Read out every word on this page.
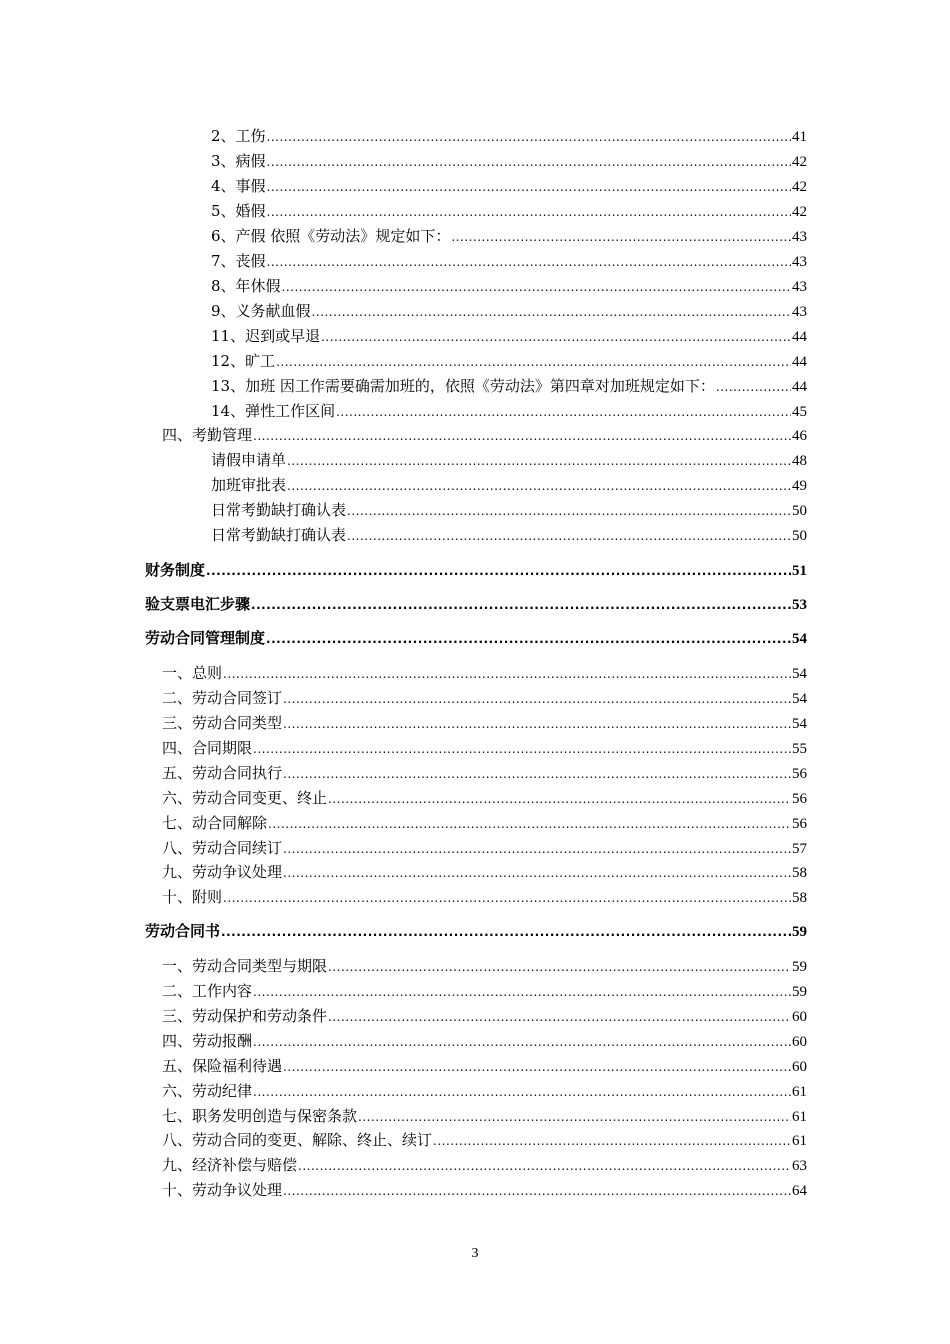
2、工伤 .....	41
3、病假 .....	42
4、事假 .....	42
5、婚假 .....	42
6、产假 依照《劳动法》规定如下： .....	43
7、丧假 .....	43
8、年休假 .....	43
9、义务献血假 .....	43
11、迟到或早退 .....	44
12、旷工 .....	44
13、加班 因工作需要确需加班的，依照《劳动法》第四章对加班规定如下： .....	44
14、弹性工作区间 .....	45
四、考勤管理 .....	46
请假申请单 .....	48
加班审批表 .....	49
日常考勤缺打确认表 .....	50
日常考勤缺打确认表 .....	50
财务制度 .....	51
验支票电汇步骤 .....	53
劳动合同管理制度 .....	54
一、总则 .....	54
二、劳动合同签订 .....	54
三、劳动合同类型 .....	54
四、合同期限 .....	55
五、劳动合同执行 .....	56
六、劳动合同变更、终止 .....	56
七、动合同解除 .....	56
八、劳动合同续订 .....	57
九、劳动争议处理 .....	58
十、附则 .....	58
劳动合同书 .....	59
一、劳动合同类型与期限 .....	59
二、工作内容 .....	59
三、劳动保护和劳动条件 .....	60
四、劳动报酬 .....	60
五、保险福利待遇 .....	60
六、劳动纪律 .....	61
七、职务发明创造与保密条款 .....	61
八、劳动合同的变更、解除、终止、续订 .....	61
九、经济补偿与赔偿 .....	63
十、劳动争议处理 .....	64
3
